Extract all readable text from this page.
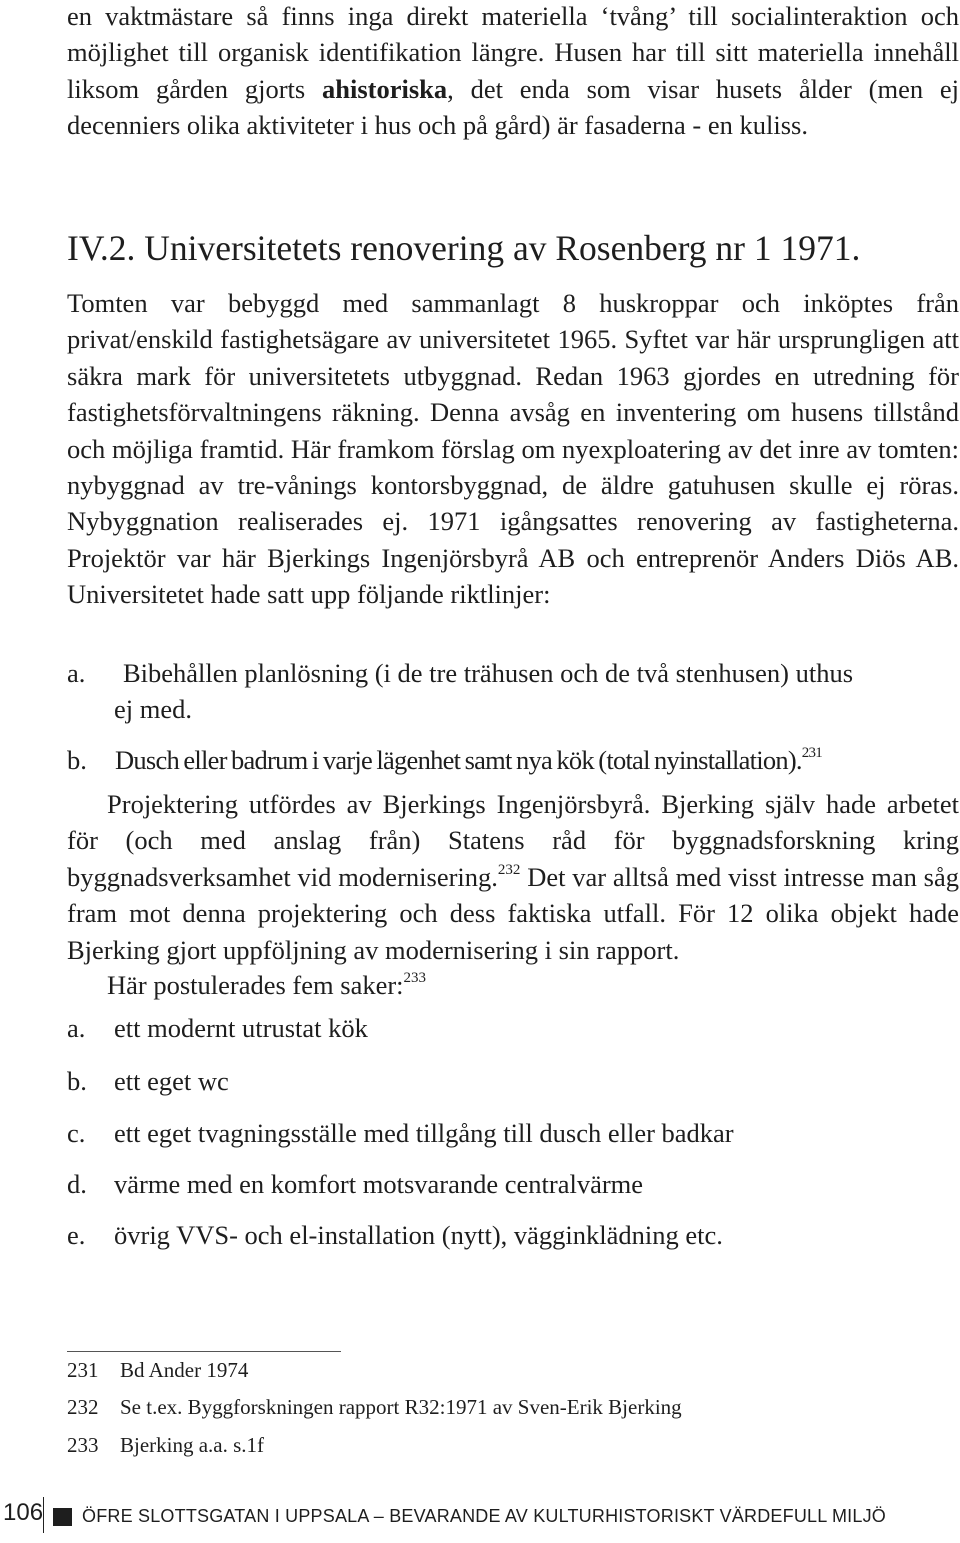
en vaktmästare så finns inga direkt materiella ‘tvång’ till socialinteraktion och möjlighet till organisk identifikation längre. Husen har till sitt materiella innehåll liksom gården gjorts ahistoriska, det enda som visar husets ålder (men ej decenniers olika aktiviteter i hus och på gård) är fasaderna - en kuliss.

IV.2. Universitetets renovering av Rosenberg nr 1 1971.

Tomten var bebyggd med sammanlagt 8 huskroppar och inköptes från privat/enskild fastighetsägare av universitetet 1965. Syftet var här ursprungligen att säkra mark för universitetets utbyggnad. Redan 1963 gjordes en utredning för fastighetsförvaltningens räkning. Denna avsåg en inventering om husens tillstånd och möjliga framtid. Här framkom förslag om nyexploatering av det inre av tomten: nybyggnad av tre-vånings kontorsbyggnad, de äldre gatuhusen skulle ej röras. Nybyggnation realiserades ej. 1971 igångsattes renovering av fastigheterna. Projektör var här Bjerkings Ingenjörsbyrå AB och entreprenör Anders Diös AB. Universitetet hade satt upp följande riktlinjer:

a. Bibehållen planlösning (i de tre trähusen och de två stenhusen) uthus
ej med.
b. Dusch eller badrum i varje lägenhet samt nya kök (total nyinstallation).$^{231}$

Projektering utfördes av Bjerkings Ingenjörsbyrå. Bjerking själv hade arbetet för (och med anslag från) Statens råd för byggnadsforskning kring byggnadsverksamhet vid modernisering.$^{232}$ Det var alltså med visst intresse man såg fram mot denna projektering och dess faktiska utfall. För 12 olika objekt hade Bjerking gjort uppföljning av modernisering i sin rapport.

Här postulerades fem saker:$^{233}$

a. ett modernt utrustat kök
b. ett eget wc
c. ett eget tvagningsställe med tillgång till dusch eller badkar
d. värme med en komfort motsvarande centralvärme
e. övrig VVS- och el-installation (nytt), vägginklädning etc.
231 Bd Ander 1974
232 Se t.ex. Byggforskningen rapport R32:1971 av Sven-Erik Bjerking
233 Bjerking a.a. s.1f
106 ÖFRE SLOTTSGATAN I UPPSALA – BEVARANDE AV KULTURHISTORISKT VÄRDEFULL MILJÖ
